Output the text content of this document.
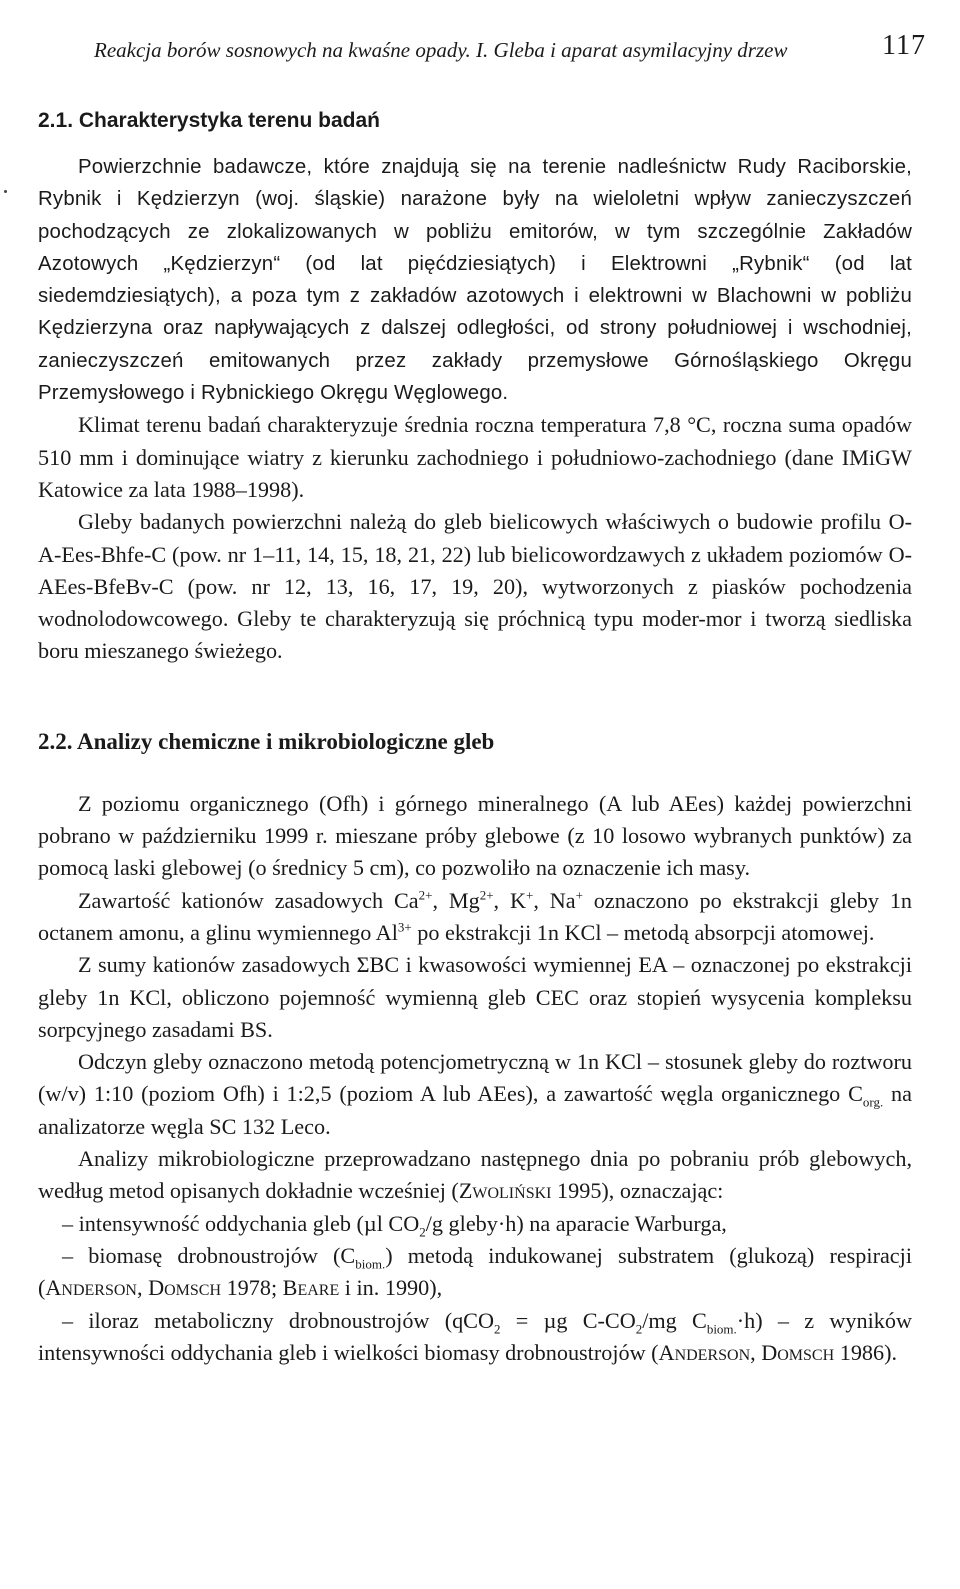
Reakcja borów sosnowych na kwaśne opady. I. Gleba i aparat asymilacyjny drzew	117
2.1. Charakterystyka terenu badań

Powierzchnie badawcze, które znajdują się na terenie nadleśnictw Rudy Raciborskie, Rybnik i Kędzierzyn (woj. śląskie) narażone były na wieloletni wpływ zanieczyszczeń pochodzących ze zlokalizowanych w pobliżu emitorów, w tym szczególnie Zakładów Azotowych „Kędzierzyn“ (od lat pięćdziesiątych) i Elektrowni „Rybnik“ (od lat siedemdziesiątych), a poza tym z zakładów azotowych i elektrowni w Blachowni w pobliżu Kędzierzyna oraz napływających z dalszej odległości, od strony południowej i wschodniej, zanieczyszczeń emitowanych przez zakłady przemysłowe Górnośląskiego Okręgu Przemysłowego i Rybnickiego Okręgu Węglowego.

Klimat terenu badań charakteryzuje średnia roczna temperatura 7,8 °C, roczna suma opadów 510 mm i dominujące wiatry z kierunku zachodniego i południowo-zachodniego (dane IMiGW Katowice za lata 1988–1998).

Gleby badanych powierzchni należą do gleb bielicowych właściwych o budowie profilu O-A-Ees-Bhfe-C (pow. nr 1–11, 14, 15, 18, 21, 22) lub bielicowordzawych z układem poziomów O-AEes-BfeBv-C (pow. nr 12, 13, 16, 17, 19, 20), wytworzonych z piasków pochodzenia wodnolodowcowego. Gleby te charakteryzują się próchnicą typu moder-mor i tworzą siedliska boru mieszanego świeżego.

2.2. Analizy chemiczne i mikrobiologiczne gleb

Z poziomu organicznego (Ofh) i górnego mineralnego (A lub AEes) każdej powierzchni pobrano w październiku 1999 r. mieszane próby glebowe (z 10 losowo wybranych punktów) za pomocą laski glebowej (o średnicy 5 cm), co pozwoliło na oznaczenie ich masy.

Zawartość kationów zasadowych $Ca^{2+}$, $Mg^{2+}$, K+, Na+ oznaczono po ekstrakcji gleby 1n octanem amonu, a glinu wymiennego $Al^{3+}$ po ekstrakcji 1n KCl – metodą absorpcji atomowej.

Z sumy kationów zasadowych ΣBC i kwasowości wymiennej EA – oznaczonej po ekstrakcji gleby 1n KCl, obliczono pojemność wymienną gleb CEC oraz stopień wysycenia kompleksu sorpcyjnego zasadami BS.

Odczyn gleby oznaczono metodą potencjometryczną w 1n KCl – stosunek gleby do roztworu (w/v) 1:10 (poziom Ofh) i 1:2,5 (poziom A lub AEes), a zawartość węgla organicznego $C_{org.}$ na analizatorze węgla SC 132 Leco.

Analizy mikrobiologiczne przeprowadzano następnego dnia po pobraniu prób glebowych, według metod opisanych dokładnie wcześniej (Zwoliński 1995), oznaczając:

– intensywność oddychania gleb (µl $CO_2/g$ gleby·h) na aparacie Warburga,
– biomasę drobnoustrojów $(C_{biom.})$ metodą indukowanej substratem (glukozą) respiracji (Anderson, Domsch 1978; Beare i in. 1990),
– iloraz metaboliczny drobnoustrojów (qCO$_2$ = µg $C-CO_2/mg$ $C_{biom.}\cdot h) - z$ wyników intensywności oddychania gleb i wielkości biomasy drobnoustrojów (Anderson, Domsch 1986).
